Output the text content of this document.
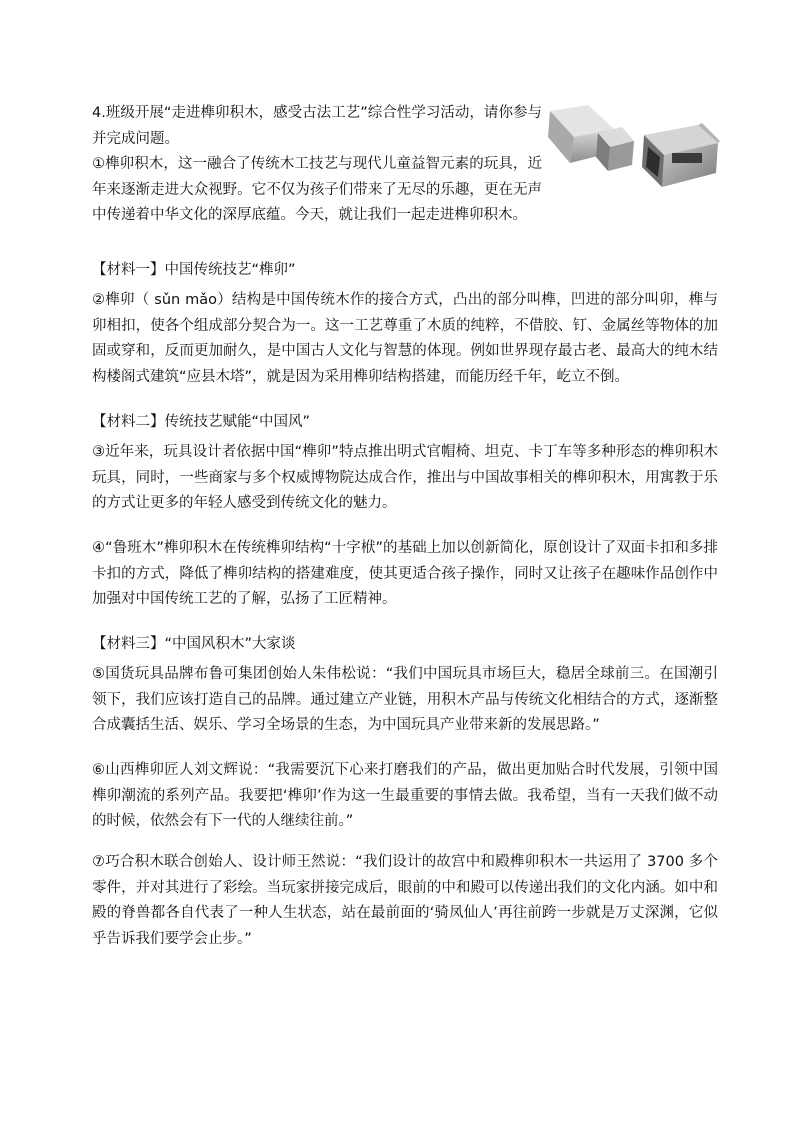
4.班级开展“走进榫卯积木，感受古法工艺”综合性学习活动，请你参与并完成问题。

①榫卯积木，这一融合了传统木工技艺与现代儿童益智元素的玩具，近年来逐渐走进大众视野。它不仅为孩子们带来了无尽的乐趣，更在无声中传递着中华文化的深厚底蕴。今天，就让我们一起走进榫卯积木。

【材料一】中国传统技艺“榫卯”

②榫卯（ sǔn mǎo）结构是中国传统木作的接合方式，凸出的部分叫榫，凹进的部分叫卯，榫与卯相扣，使各个组成部分契合为一。这一工艺尊重了木质的纯粹，不借胶、钉、金属丝等物体的加固或穿和，反而更加耐久，是中国古人文化与智慧的体现。例如世界现存最古老、最高大的纯木结构楼阁式建筑“应县木塔”，就是因为采用榫卯结构搭建，而能历经千年，屹立不倒。

【材料二】传统技艺赋能“中国风”

③近年来，玩具设计者依据中国“榫卯”特点推出明式官帽椅、坦克、卡丁车等多种形态的榫卯积木玩具，同时，一些商家与多个权威博物院达成合作，推出与中国故事相关的榫卯积木，用寓教于乐的方式让更多的年轻人感受到传统文化的魅力。

④“鲁班木”榫卯积木在传统榫卯结构“十字栿”的基础上加以创新简化，原创设计了双面卡扣和多排卡扣的方式，降低了榫卯结构的搭建难度，使其更适合孩子操作，同时又让孩子在趣味作品创作中加强对中国传统工艺的了解，弘扬了工匠精神。

【材料三】“中国风积木”大家谈

⑤国货玩具品牌布鲁可集团创始人朱伟松说：“我们中国玩具市场巨大，稳居全球前三。在国潮引领下，我们应该打造自己的品牌。通过建立产业链，用积木产品与传统文化相结合的方式，逐渐整合成囊括生活、娱乐、学习全场景的生态，为中国玩具产业带来新的发展思路。”

⑥山西榫卯匠人刘文辉说：“我需要沉下心来打磨我们的产品，做出更加贴合时代发展，引领中国榫卯潮流的系列产品。我要把‘榫卯’作为这一生最重要的事情去做。我希望，当有一天我们做不动的时候，依然会有下一代的人继续往前。”

⑦巧合积木联合创始人、设计师王然说：“我们设计的故宫中和殿榫卯积木一共运用了 3700 多个零件，并对其进行了彩绘。当玩家拼接完成后，眼前的中和殿可以传递出我们的文化内涵。如中和殿的脊兽都各自代表了一种人生状态，站在最前面的‘骑凤仙人’再往前跨一步就是万丈深渊，它似乎告诉我们要学会止步。”
